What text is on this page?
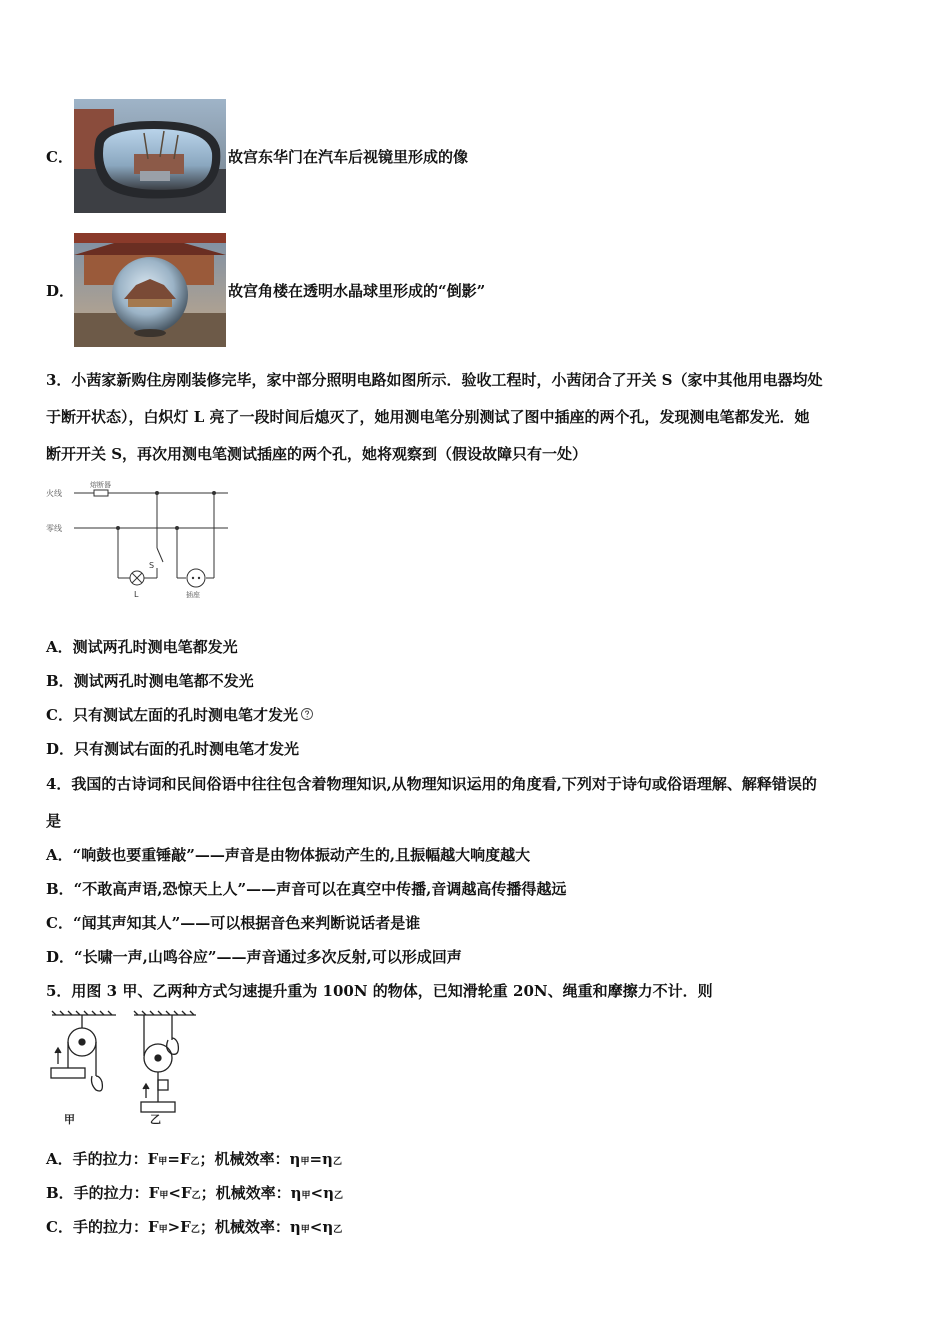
C．	故宫东华门在汽车后视镜里形成的像
D．	故宫角楼在透明水晶球里形成的“倒影”
3．小茜家新购住房刚装修完毕，家中部分照明电路如图所示．验收工程时，小茜闭合了开关 S（家中其他用电器均处
于断开状态），白炽灯 L 亮了一段时间后熄灭了，她用测电笔分别测试了图中插座的两个孔，发现测电笔都发光．她
断开开关 S，再次用测电笔测试插座的两个孔，她将观察到（假设故障只有一处）
火线
零线
熔断器
S
L	插座
A．测试两孔时测电笔都发光
B．测试两孔时测电笔都不发光
C．只有测试左面的孔时测电笔才发光
D．只有测试右面的孔时测电笔才发光
4．我国的古诗词和民间俗语中往往包含着物理知识,从物理知识运用的角度看,下列对于诗句或俗语理解、解释错误的
是
A．“响鼓也要重锤敲”——声音是由物体振动产生的,且振幅越大响度越大
B．“不敢高声语,恐惊天上人”——声音可以在真空中传播,音调越高传播得越远
C．“闻其声知其人”——可以根据音色来判断说话者是谁
D．“长啸一声,山鸣谷应”——声音通过多次反射,可以形成回声
5．用图 3 甲、乙两种方式匀速提升重为 100N 的物体，已知滑轮重 20N、绳重和摩擦力不计．则
甲	乙
A．手的拉力：F甲=F乙；机械效率：η甲=η乙
B．手的拉力：F甲<F乙；机械效率：η甲<η乙
C．手的拉力：F甲>F乙；机械效率：η甲<η乙
